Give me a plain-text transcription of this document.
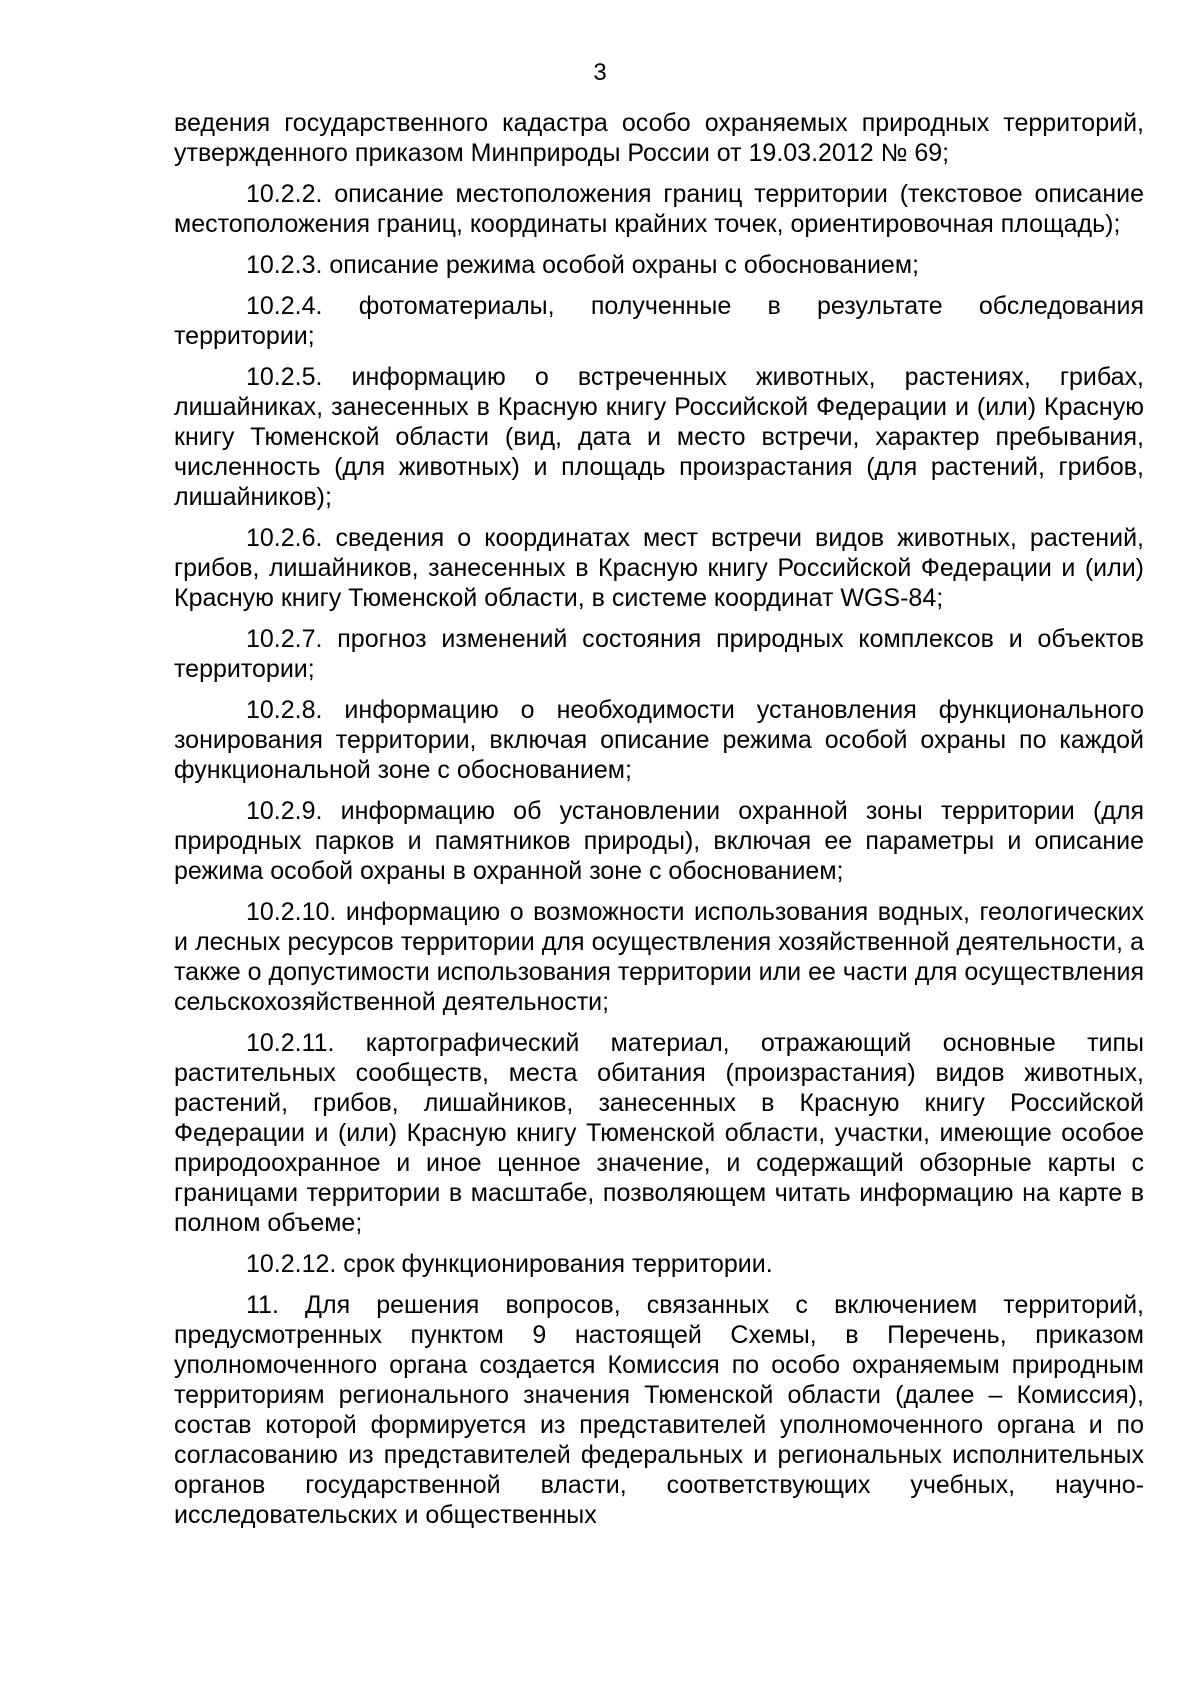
3

ведения государственного кадастра особо охраняемых природных территорий, утвержденного приказом Минприроды России от 19.03.2012 № 69;

10.2.2. описание местоположения границ территории (текстовое описание местоположения границ, координаты крайних точек, ориентировочная площадь);

10.2.3. описание режима особой охраны с обоснованием;

10.2.4. фотоматериалы, полученные в результате обследования территории;

10.2.5. информацию о встреченных животных, растениях, грибах, лишайниках, занесенных в Красную книгу Российской Федерации и (или) Красную книгу Тюменской области (вид, дата и место встречи, характер пребывания, численность (для животных) и площадь произрастания (для растений, грибов, лишайников);

10.2.6. сведения о координатах мест встречи видов животных, растений, грибов, лишайников, занесенных в Красную книгу Российской Федерации и (или) Красную книгу Тюменской области, в системе координат WGS-84;

10.2.7. прогноз изменений состояния природных комплексов и объектов территории;

10.2.8. информацию о необходимости установления функционального зонирования территории, включая описание режима особой охраны по каждой функциональной зоне с обоснованием;

10.2.9. информацию об установлении охранной зоны территории (для природных парков и памятников природы), включая ее параметры и описание режима особой охраны в охранной зоне с обоснованием;

10.2.10. информацию о возможности использования водных, геологических и лесных ресурсов территории для осуществления хозяйственной деятельности, а также о допустимости использования территории или ее части для осуществления сельскохозяйственной деятельности;

10.2.11. картографический материал, отражающий основные типы растительных сообществ, места обитания (произрастания) видов животных, растений, грибов, лишайников, занесенных в Красную книгу Российской Федерации и (или) Красную книгу Тюменской области, участки, имеющие особое природоохранное и иное ценное значение, и содержащий обзорные карты с границами территории в масштабе, позволяющем читать информацию на карте в полном объеме;

10.2.12. срок функционирования территории.

11. Для решения вопросов, связанных с включением территорий, предусмотренных пунктом 9 настоящей Схемы, в Перечень, приказом уполномоченного органа создается Комиссия по особо охраняемым природным территориям регионального значения Тюменской области (далее – Комиссия), состав которой формируется из представителей уполномоченного органа и по согласованию из представителей федеральных и региональных исполнительных органов государственной власти, соответствующих учебных, научно-исследовательских и общественных
